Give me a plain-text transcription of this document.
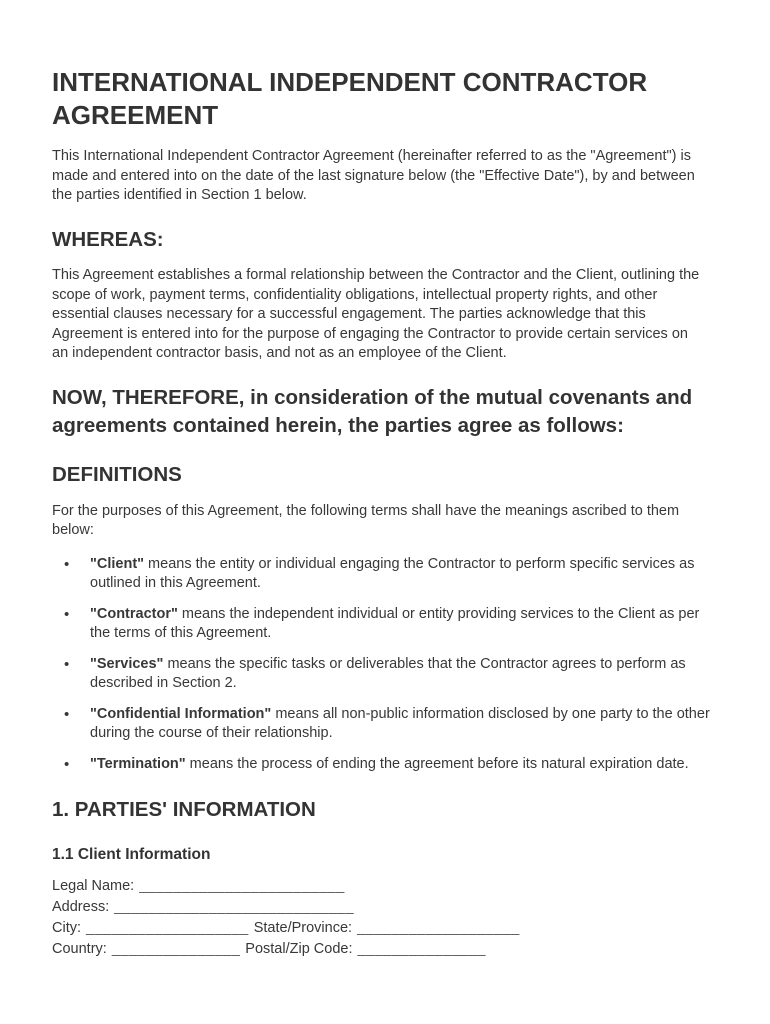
INTERNATIONAL INDEPENDENT CONTRACTOR AGREEMENT

This International Independent Contractor Agreement (hereinafter referred to as the "Agreement") is made and entered into on the date of the last signature below (the "Effective Date"), by and between the parties identified in Section 1 below.

WHEREAS:

This Agreement establishes a formal relationship between the Contractor and the Client, outlining the scope of work, payment terms, confidentiality obligations, intellectual property rights, and other essential clauses necessary for a successful engagement. The parties acknowledge that this Agreement is entered into for the purpose of engaging the Contractor to provide certain services on an independent contractor basis, and not as an employee of the Client.

NOW, THEREFORE, in consideration of the mutual covenants and agreements contained herein, the parties agree as follows:
DEFINITIONS

For the purposes of this Agreement, the following terms shall have the meanings ascribed to them below:

• "Client" means the entity or individual engaging the Contractor to perform specific services as outlined in this Agreement.
• "Contractor" means the independent individual or entity providing services to the Client as per the terms of this Agreement.
• "Services" means the specific tasks or deliverables that the Contractor agrees to perform as described in Section 2.
• "Confidential Information" means all non-public information disclosed by one party to the other during the course of their relationship.
• "Termination" means the process of ending the agreement before its natural expiration date.
1. PARTIES' INFORMATION
1.1 Client Information
Legal Name: ________________________
Address: ____________________________
City: ___________________ State/Province: ___________________
Country: _______________ Postal/Zip Code: _______________
